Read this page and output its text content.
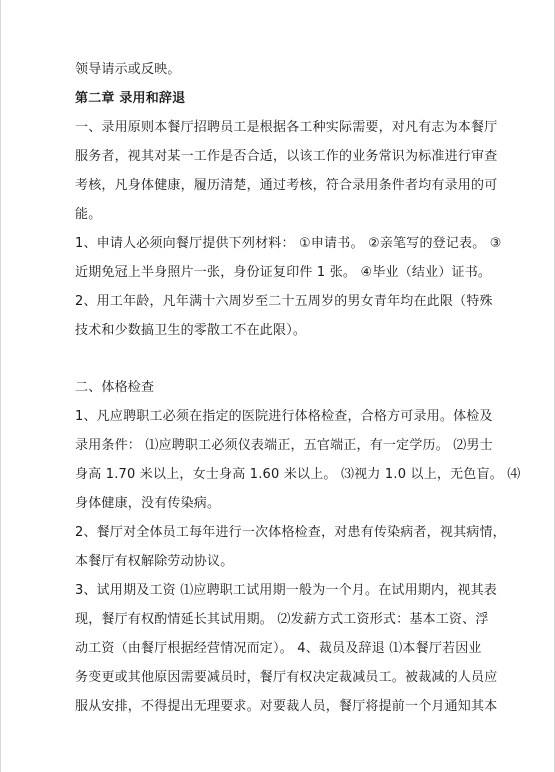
领导请示或反映。
第二章 录用和辞退
一、录用原则本餐厅招聘员工是根据各工种实际需要，对凡有志为本餐厅
服务者，视其对某一工作是否合适，以该工作的业务常识为标准进行审查
考核，凡身体健康，履历清楚，通过考核，符合录用条件者均有录用的可
能。
1、申请人必须向餐厅提供下列材料： ①申请书。 ②亲笔写的登记表。 ③
近期免冠上半身照片一张，身份证复印件 1 张。 ④毕业（结业）证书。
2、用工年龄，凡年满十六周岁至二十五周岁的男女青年均在此限（特殊
技术和少数搞卫生的零散工不在此限）。
二、体格检查
1、凡应聘职工必须在指定的医院进行体格检查，合格方可录用。体检及
录用条件： ⑴应聘职工必须仪表端正，五官端正，有一定学历。 ⑵男士
身高 1.70 米以上，女士身高 1.60 米以上。 ⑶视力 1.0 以上，无色盲。 ⑷
身体健康，没有传染病。
2、餐厅对全体员工每年进行一次体格检查，对患有传染病者，视其病情，
本餐厅有权解除劳动协议。
3、试用期及工资 ⑴应聘职工试用期一般为一个月。在试用期内，视其表
现，餐厅有权酌情延长其试用期。 ⑵发薪方式工资形式：基本工资、浮
动工资（由餐厅根据经营情况而定）。 4、裁员及辞退 ⑴本餐厅若因业
务变更或其他原因需要减员时，餐厅有权决定裁减员工。被裁减的人员应
服从安排，不得提出无理要求。对要裁人员，餐厅将提前一个月通知其本
